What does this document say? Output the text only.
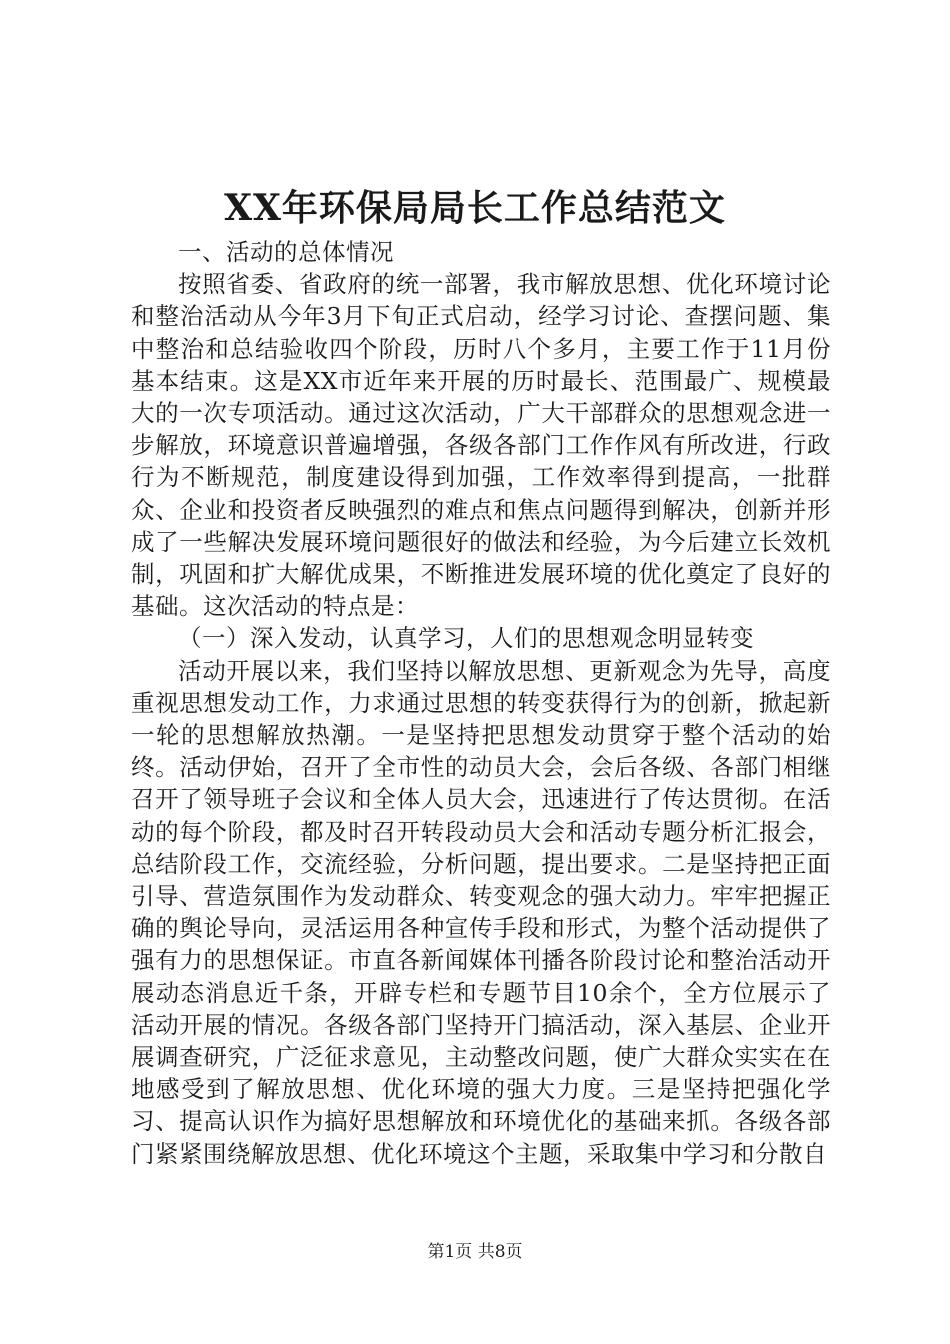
XX年环保局局长工作总结范文

一、活动的总体情况

按照省委、省政府的统一部署，我市解放思想、优化环境讨论和整治活动从今年3月下旬正式启动，经学习讨论、查摆问题、集中整治和总结验收四个阶段，历时八个多月，主要工作于11月份基本结束。这是XX市近年来开展的历时最长、范围最广、规模最大的一次专项活动。通过这次活动，广大干部群众的思想观念进一步解放，环境意识普遍增强，各级各部门工作作风有所改进，行政行为不断规范，制度建设得到加强，工作效率得到提高，一批群众、企业和投资者反映强烈的难点和焦点问题得到解决，创新并形成了一些解决发展环境问题很好的做法和经验，为今后建立长效机制，巩固和扩大解优成果，不断推进发展环境的优化奠定了良好的基础。这次活动的特点是：

（一）深入发动，认真学习，人们的思想观念明显转变

活动开展以来，我们坚持以解放思想、更新观念为先导，高度重视思想发动工作，力求通过思想的转变获得行为的创新，掀起新一轮的思想解放热潮。一是坚持把思想发动贯穿于整个活动的始终。活动伊始，召开了全市性的动员大会，会后各级、各部门相继召开了领导班子会议和全体人员大会，迅速进行了传达贯彻。在活动的每个阶段，都及时召开转段动员大会和活动专题分析汇报会，总结阶段工作，交流经验，分析问题，提出要求。二是坚持把正面引导、营造氛围作为发动群众、转变观念的强大动力。牢牢把握正确的舆论导向，灵活运用各种宣传手段和形式，为整个活动提供了强有力的思想保证。市直各新闻媒体刊播各阶段讨论和整治活动开展动态消息近千条，开辟专栏和专题节目10余个，全方位展示了活动开展的情况。各级各部门坚持开门搞活动，深入基层、企业开展调查研究，广泛征求意见，主动整改问题，使广大群众实实在在地感受到了解放思想、优化环境的强大力度。三是坚持把强化学习、提高认识作为搞好思想解放和环境优化的基础来抓。各级各部门紧紧围绕解放思想、优化环境这个主题，采取集中学习和分散自

第1页 共8页
